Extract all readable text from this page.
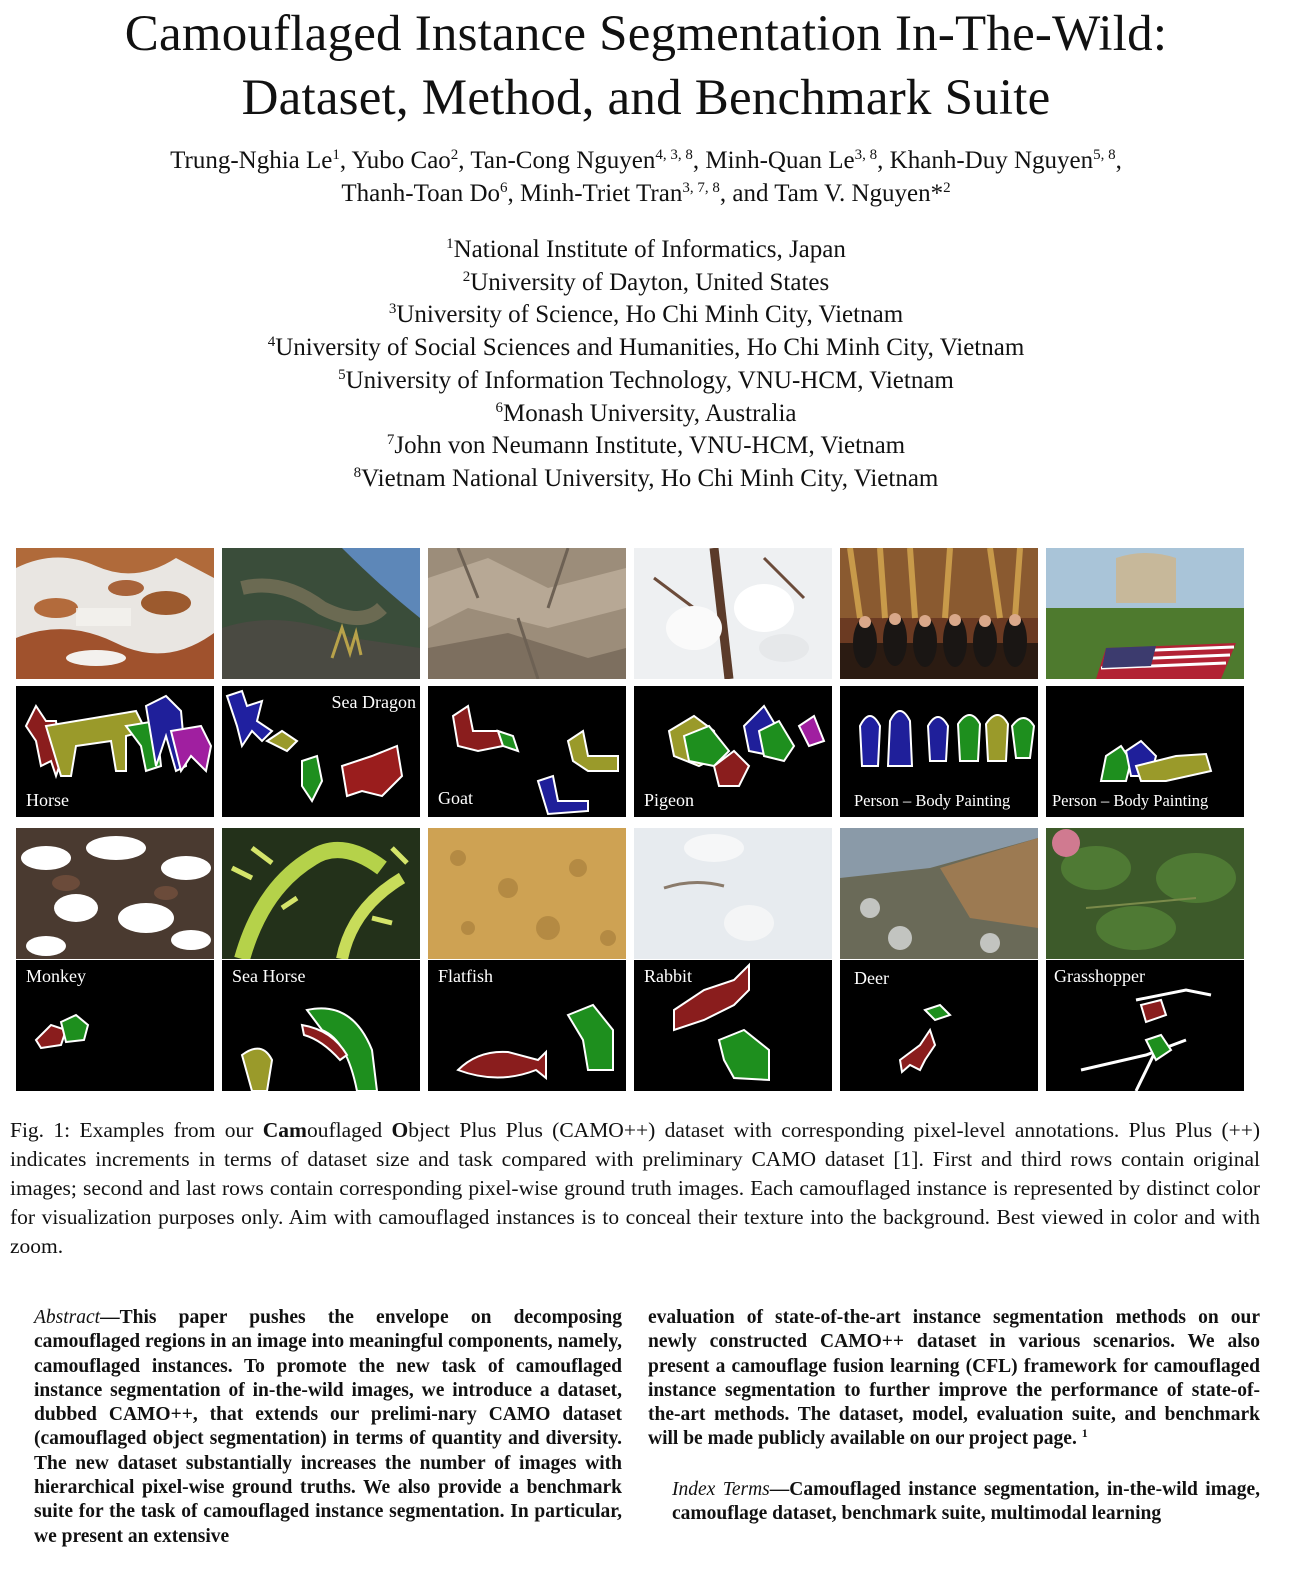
Camouflaged Instance Segmentation In-The-Wild:
Dataset, Method, and Benchmark Suite
Trung-Nghia Le$^1$, Yubo Cao$^2$, Tan-Cong Nguyen$^{4, 3, 8}$, Minh-Quan Le$^{3, 8}$, Khanh-Duy Nguyen$^{5, 8}$,
Thanh-Toan Do$^6$, Minh-Triet Tran$^{3, 7, 8}$, and Tam V. Nguyen*$^2$
$^1$National Institute of Informatics, Japan
$^2$University of Dayton, United States
$^3$University of Science, Ho Chi Minh City, Vietnam
$^4$University of Social Sciences and Humanities, Ho Chi Minh City, Vietnam
$^5$University of Information Technology, VNU-HCM, Vietnam
$^6$Monash University, Australia
$^7$John von Neumann Institute, VNU-HCM, Vietnam
$^8$Vietnam National University, Ho Chi Minh City, Vietnam
Horse
Sea Dragon
Goat	Pigeon	Person – Body Painting	Person – Body Painting
Monkey	Sea Horse	Flatfish	Rabbit	Deer	Grasshopper
Fig. 1: Examples from our Camouflaged Object Plus Plus (CAMO++) dataset with corresponding pixel-level annotations. Plus Plus (++) indicates increments in terms of dataset size and task compared with preliminary CAMO dataset [1]. First and third rows contain original images; second and last rows contain corresponding pixel-wise ground truth images. Each camouflaged instance is represented by distinct color for visualization purposes only. Aim with camouflaged instances is to conceal their texture into the background. Best viewed in color and with zoom.
Abstract—This paper pushes the envelope on decomposing camouflaged regions in an image into meaningful components, namely, camouflaged instances. To promote the new task of camouflaged instance segmentation of in-the-wild images, we introduce a dataset, dubbed CAMO++, that extends our prelimi-nary CAMO dataset (camouflaged object segmentation) in terms of quantity and diversity. The new dataset substantially increases the number of images with hierarchical pixel-wise ground truths. We also provide a benchmark suite for the task of camouflaged instance segmentation. In particular, we present an extensive
evaluation of state-of-the-art instance segmentation methods on our newly constructed CAMO++ dataset in various scenarios. We also present a camouflage fusion learning (CFL) framework for camouflaged instance segmentation to further improve the performance of state-of-the-art methods. The dataset, model, evaluation suite, and benchmark will be made publicly available on our project page. $^1$
Index Terms—Camouflaged instance segmentation, in-the-wild image, camouflage dataset, benchmark suite, multimodal learning
